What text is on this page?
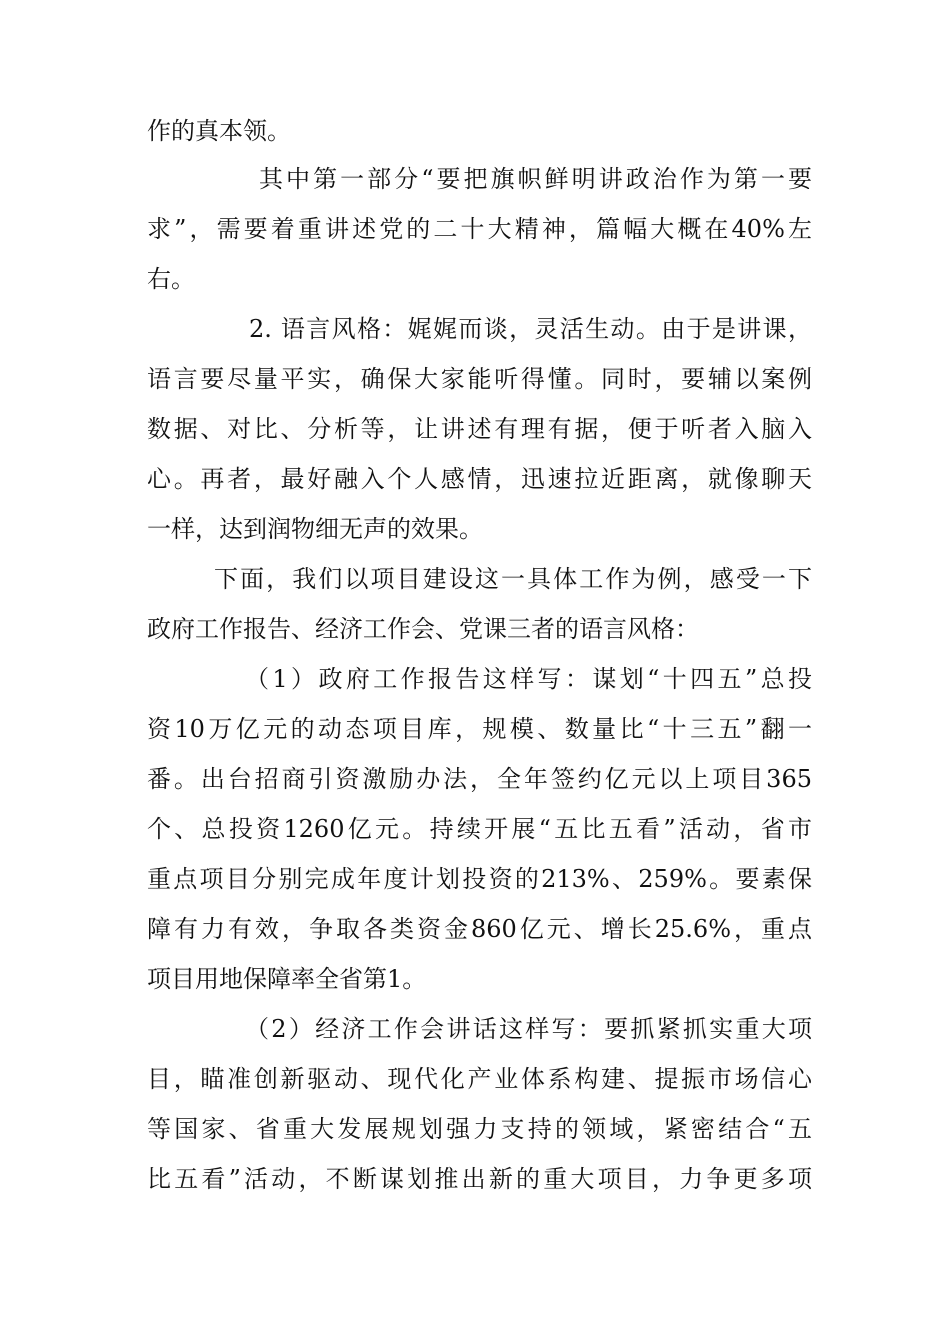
作的真本领。
其中第一部分“要把旗帜鲜明讲政治作为第一要
求”，需要着重讲述党的二十大精神，篇幅大概在40%左
右。
2. 语言风格：娓娓而谈，灵活生动。由于是讲课，
语言要尽量平实，确保大家能听得懂。同时，要辅以案例
数据、对比、分析等，让讲述有理有据，便于听者入脑入
心。再者，最好融入个人感情，迅速拉近距离，就像聊天
一样，达到润物细无声的效果。
下面，我们以项目建设这一具体工作为例，感受一下
政府工作报告、经济工作会、党课三者的语言风格：
（1）政府工作报告这样写：谋划“十四五”总投
资10万亿元的动态项目库，规模、数量比“十三五”翻一
番。出台招商引资激励办法，全年签约亿元以上项目365
个、总投资1260亿元。持续开展“五比五看”活动，省市
重点项目分别完成年度计划投资的213%、259%。要素保
障有力有效，争取各类资金860亿元、增长25.6%，重点
项目用地保障率全省第1。
（2）经济工作会讲话这样写：要抓紧抓实重大项
目，瞄准创新驱动、现代化产业体系构建、提振市场信心
等国家、省重大发展规划强力支持的领域，紧密结合“五
比五看”活动，不断谋划推出新的重大项目，力争更多项
